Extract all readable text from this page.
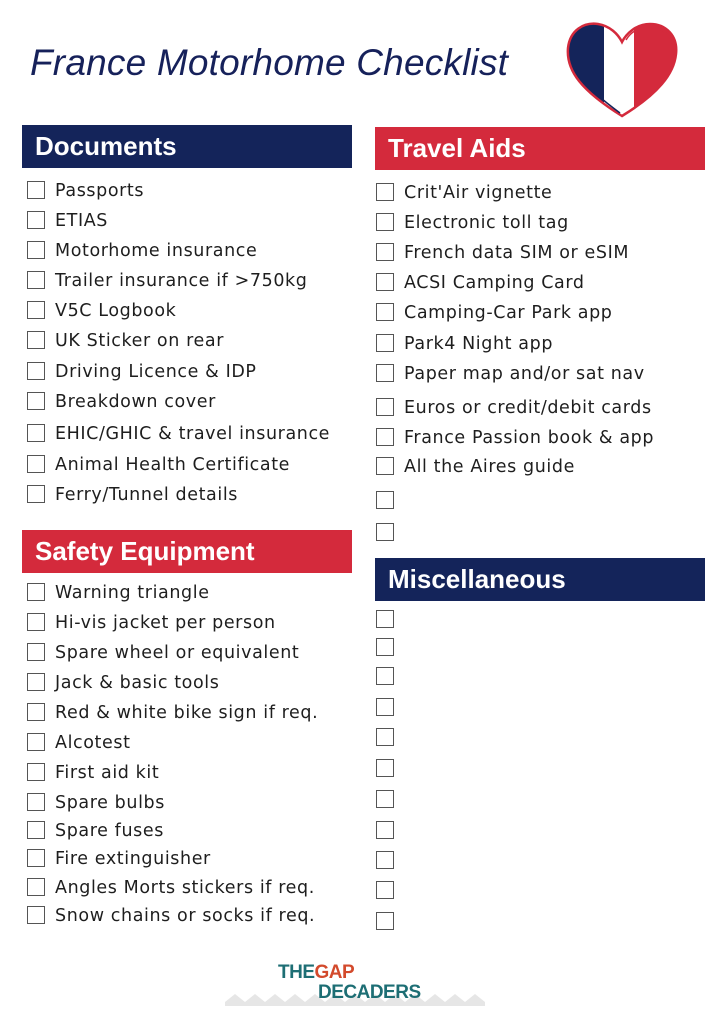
France Motorhome Checklist
Documents
Passports
ETIAS
Motorhome insurance
Trailer insurance if >750kg
V5C Logbook
UK Sticker on rear
Driving Licence & IDP
Breakdown cover
EHIC/GHIC & travel insurance
Animal Health Certificate
Ferry/Tunnel details
Safety Equipment
Warning triangle
Hi-vis jacket per person
Spare wheel or equivalent
Jack & basic tools
Red & white bike sign if req.
Alcotest
First aid kit
Spare bulbs
Spare fuses
Fire extinguisher
Angles Morts stickers if req.
Snow chains or socks if req.
Travel Aids
Crit'Air vignette
Electronic toll tag
French data SIM or eSIM
ACSI Camping Card
Camping-Car Park app
Park4 Night app
Paper map and/or sat nav
Euros or credit/debit cards
France Passion book & app
All the Aires guide
Miscellaneous
THEGAP
DECADERS
